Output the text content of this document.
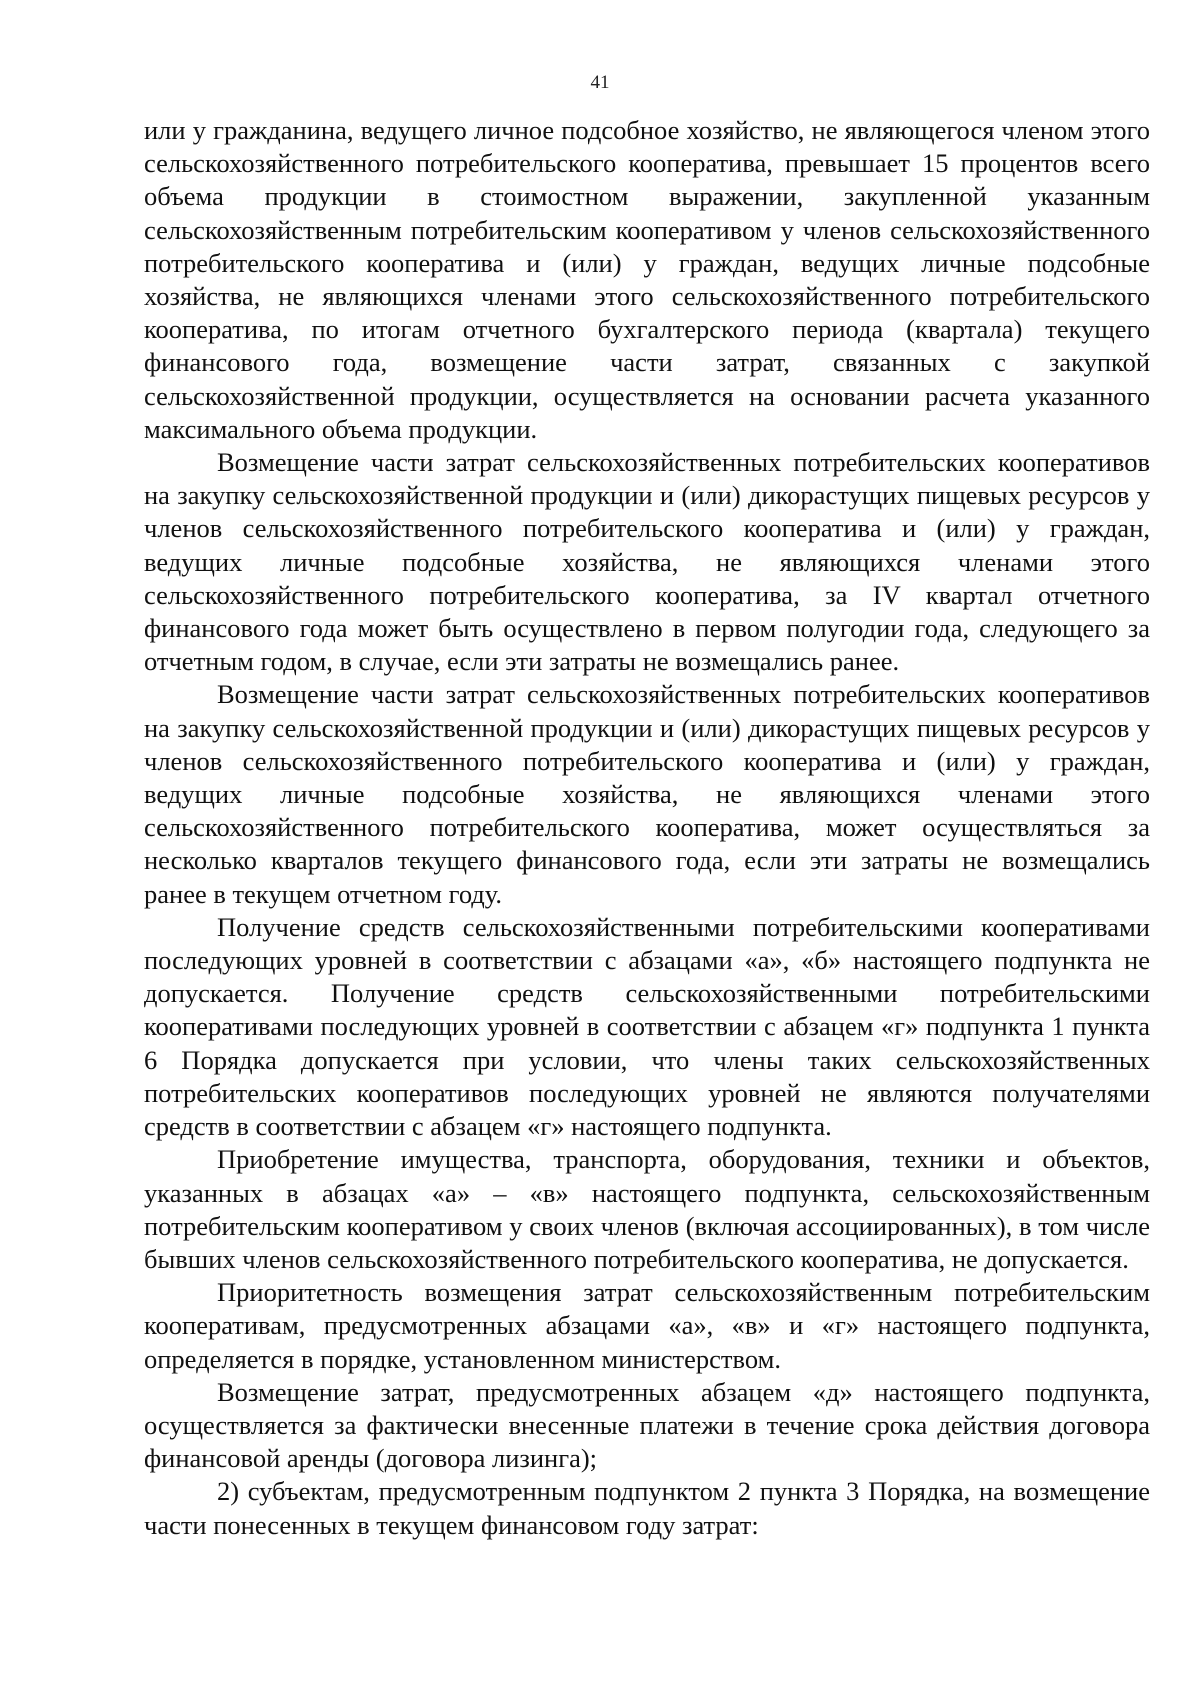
41

или у гражданина, ведущего личное подсобное хозяйство, не являющегося членом этого сельскохозяйственного потребительского кооператива, превышает 15 процентов всего объема продукции в стоимостном выражении, закупленной указанным сельскохозяйственным потребительским кооперативом у членов сельскохозяйственного потребительского кооператива и (или) у граждан, ведущих личные подсобные хозяйства, не являющихся членами этого сельскохозяйственного потребительского кооператива, по итогам отчетного бухгалтерского периода (квартала) текущего финансового года, возмещение части затрат, связанных с закупкой сельскохозяйственной продукции, осуществляется на основании расчета указанного максимального объема продукции.

Возмещение части затрат сельскохозяйственных потребительских кооперативов на закупку сельскохозяйственной продукции и (или) дикорастущих пищевых ресурсов у членов сельскохозяйственного потребительского кооператива и (или) у граждан, ведущих личные подсобные хозяйства, не являющихся членами этого сельскохозяйственного потребительского кооператива, за IV квартал отчетного финансового года может быть осуществлено в первом полугодии года, следующего за отчетным годом, в случае, если эти затраты не возмещались ранее.

Возмещение части затрат сельскохозяйственных потребительских кооперативов на закупку сельскохозяйственной продукции и (или) дикорастущих пищевых ресурсов у членов сельскохозяйственного потребительского кооператива и (или) у граждан, ведущих личные подсобные хозяйства, не являющихся членами этого сельскохозяйственного потребительского кооператива, может осуществляться за несколько кварталов текущего финансового года, если эти затраты не возмещались ранее в текущем отчетном году.

Получение средств сельскохозяйственными потребительскими кооперативами последующих уровней в соответствии с абзацами «а», «б» настоящего подпункта не допускается. Получение средств сельскохозяйственными потребительскими кооперативами последующих уровней в соответствии с абзацем «г» подпункта 1 пункта 6 Порядка допускается при условии, что члены таких сельскохозяйственных потребительских кооперативов последующих уровней не являются получателями средств в соответствии с абзацем «г» настоящего подпункта.

Приобретение имущества, транспорта, оборудования, техники и объектов, указанных в абзацах «а» – «в» настоящего подпункта, сельскохозяйственным потребительским кооперативом у своих членов (включая ассоциированных), в том числе бывших членов сельскохозяйственного потребительского кооператива, не допускается.

Приоритетность возмещения затрат сельскохозяйственным потребительским кооперативам, предусмотренных абзацами «а», «в» и «г» настоящего подпункта, определяется в порядке, установленном министерством.

Возмещение затрат, предусмотренных абзацем «д» настоящего подпункта, осуществляется за фактически внесенные платежи в течение срока действия договора финансовой аренды (договора лизинга);

2) субъектам, предусмотренным подпунктом 2 пункта 3 Порядка, на возмещение части понесенных в текущем финансовом году затрат:
